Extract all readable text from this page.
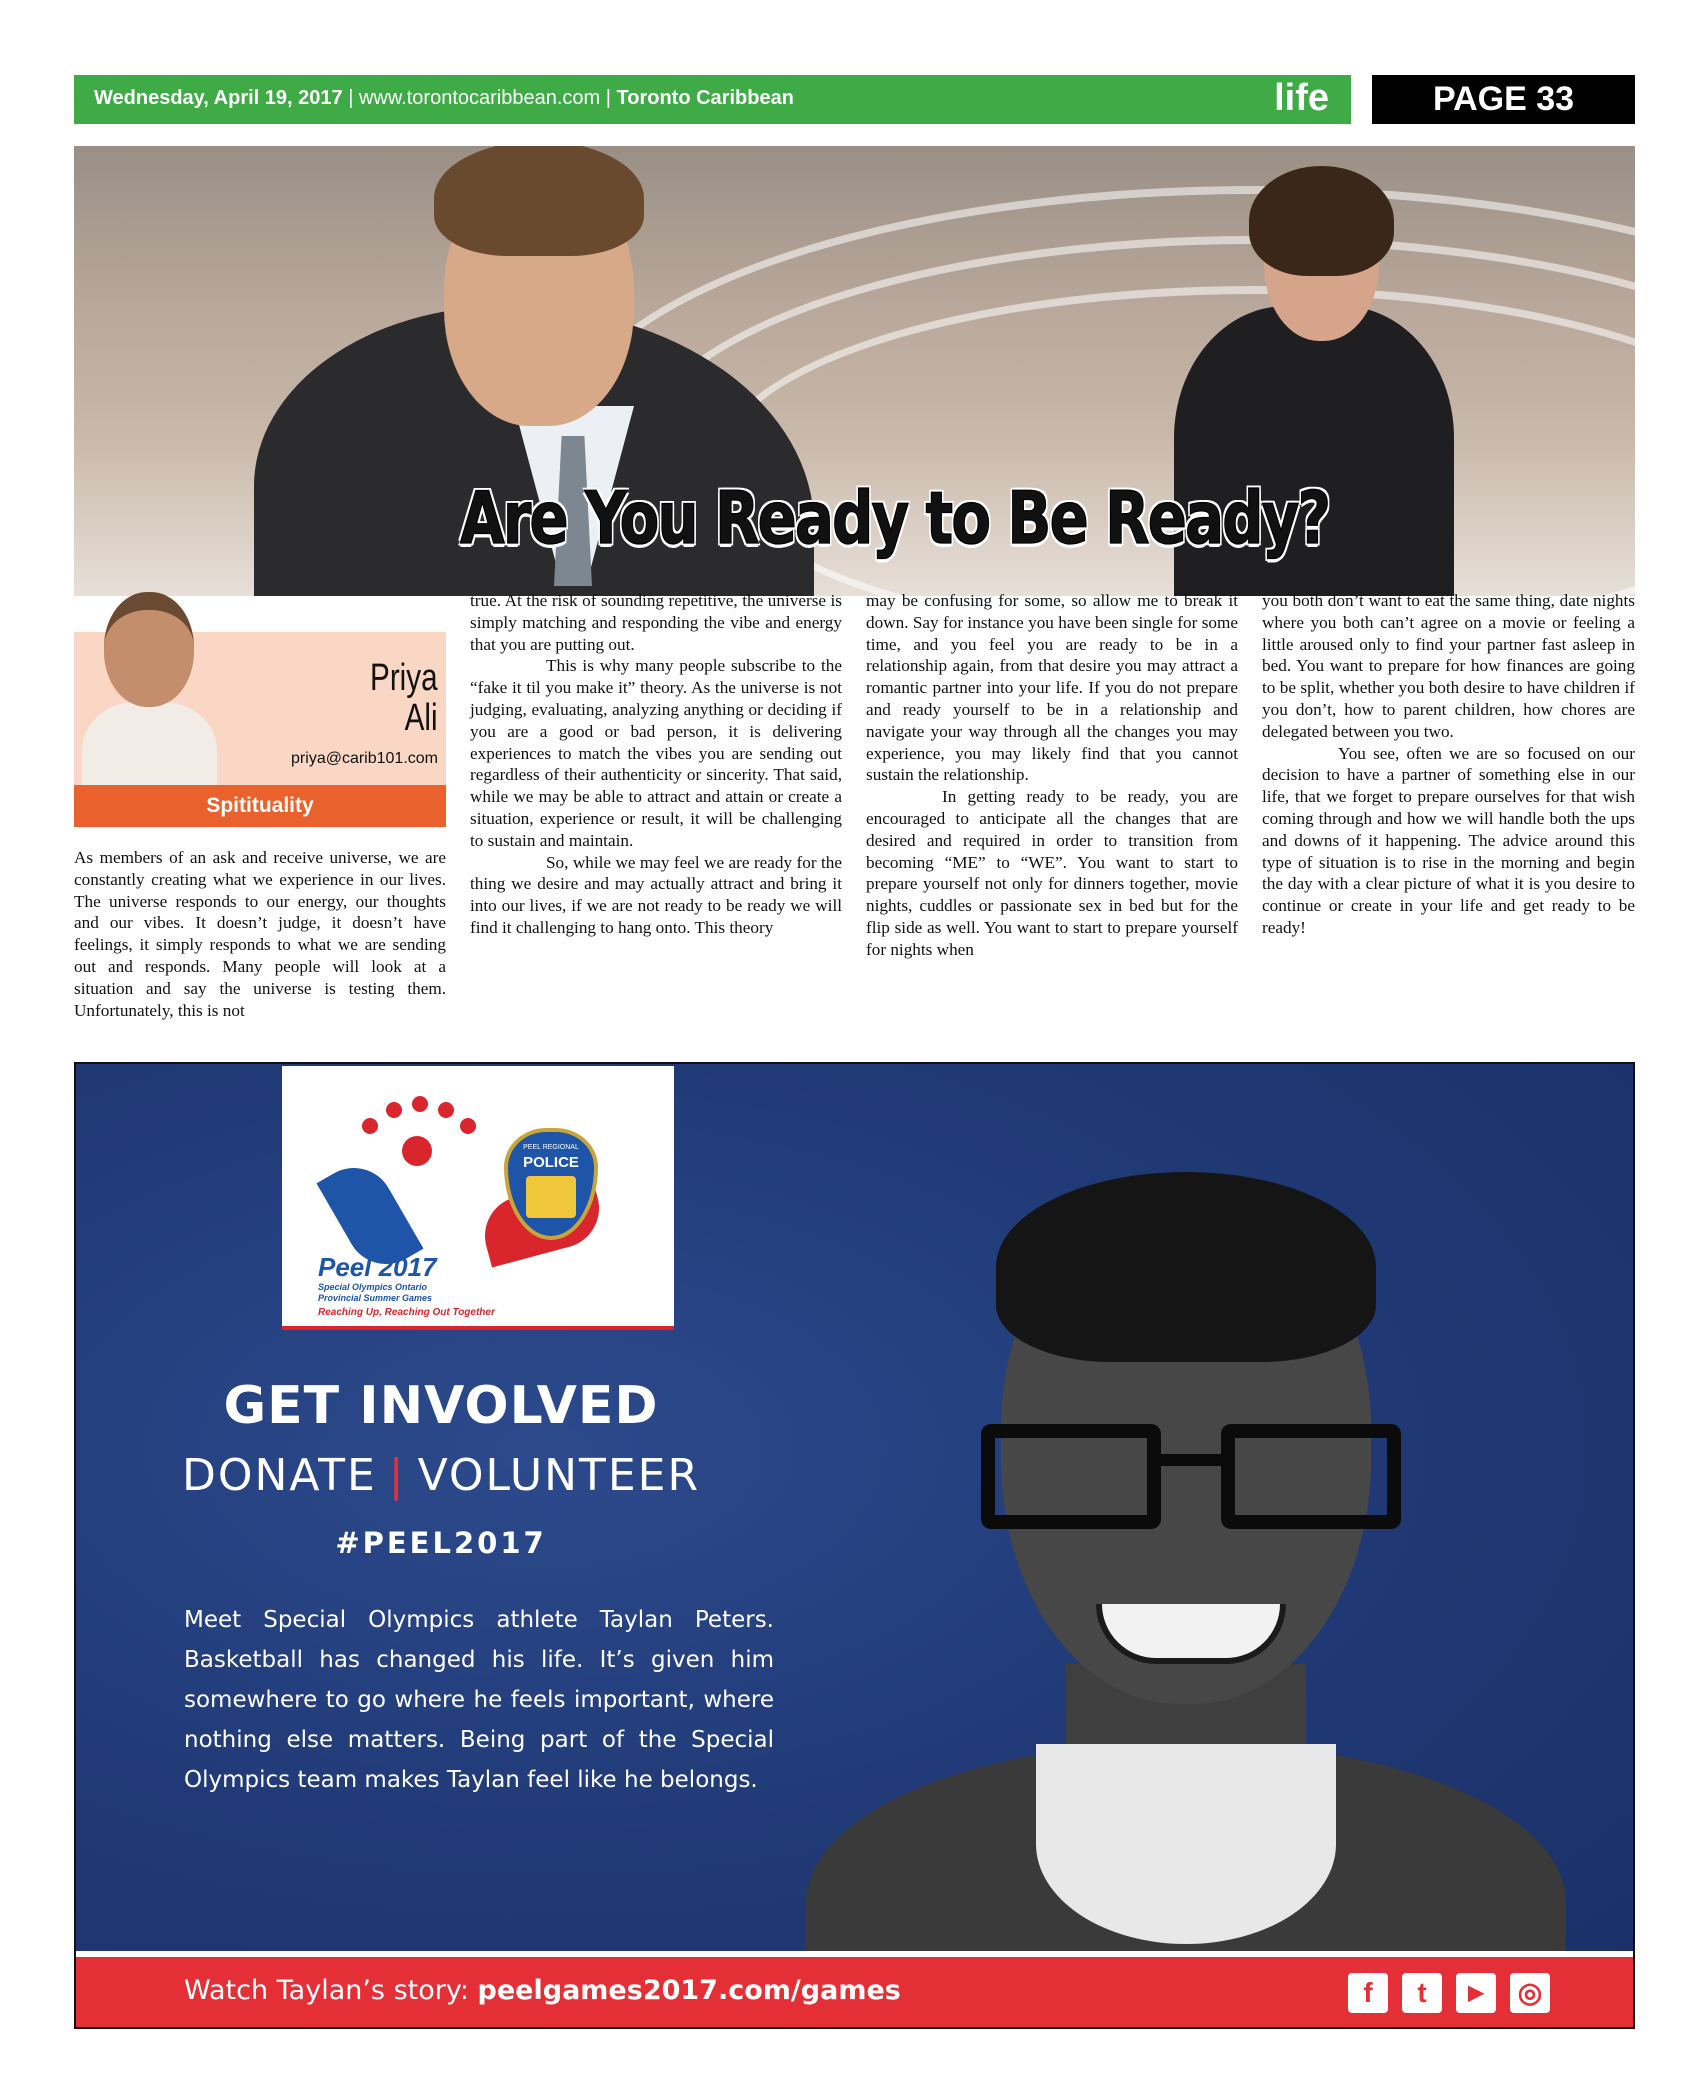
Wednesday, April 19, 2017 | www.torontocaribbean.com | Toronto Caribbean	life	PAGE 33
Are You Ready to Be Ready?
Priya
Ali
priya@carib101.com
Spitituality

As members of an ask and receive universe, we are constantly creating what we experience in our lives. The universe responds to our energy, our thoughts and our vibes. It doesn’t judge, it doesn’t have feelings, it simply responds to what we are sending out and responds. Many people will look at a situation and say the universe is testing them. Unfortunately, this is not

true. At the risk of sounding repetitive, the universe is simply matching and responding the vibe and energy that you are putting out.

This is why many people subscribe to the “fake it til you make it” theory. As the universe is not judging, evaluating, analyzing anything or deciding if you are a good or bad person, it is delivering experiences to match the vibes you are sending out regardless of their authenticity or sincerity. That said, while we may be able to attract and attain or create a situation, experience or result, it will be challenging to sustain and maintain.

So, while we may feel we are ready for the thing we desire and may actually attract and bring it into our lives, if we are not ready to be ready we will find it challenging to hang onto. This theory

may be confusing for some, so allow me to break it down. Say for instance you have been single for some time, and you feel you are ready to be in a relationship again, from that desire you may attract a romantic partner into your life. If you do not prepare and ready yourself to be in a relationship and navigate your way through all the changes you may experience, you may likely find that you cannot sustain the relationship.

In getting ready to be ready, you are encouraged to anticipate all the changes that are desired and required in order to transition from becoming “ME” to “WE”. You want to start to prepare yourself not only for dinners together, movie nights, cuddles or passionate sex in bed but for the flip side as well. You want to start to prepare yourself for nights when

you both don’t want to eat the same thing, date nights where you both can’t agree on a movie or feeling a little aroused only to find your partner fast asleep in bed. You want to prepare for how finances are going to be split, whether you both desire to have children if you don’t, how to parent children, how chores are delegated between you two.

You see, often we are so focused on our decision to have a partner of something else in our life, that we forget to prepare ourselves for that wish coming through and how we will handle both the ups and downs of it happening. The advice around this type of situation is to rise in the morning and begin the day with a clear picture of what it is you desire to continue or create in your life and get ready to be ready!

PEEL REGIONAL
POLICE
Peel 2017
Special Olympics Ontario
Provincial Summer Games
Reaching Up, Reaching Out Together
GET INVOLVED
DONATE | VOLUNTEER
#PEEL2017
Meet Special Olympics athlete Taylan Peters. Basketball has changed his life. It’s given him somewhere to go where he feels important, where nothing else matters. Being part of the Special Olympics team makes Taylan feel like he belongs.
Watch Taylan’s story: peelgames2017.com/games	f	t	▶	◎
